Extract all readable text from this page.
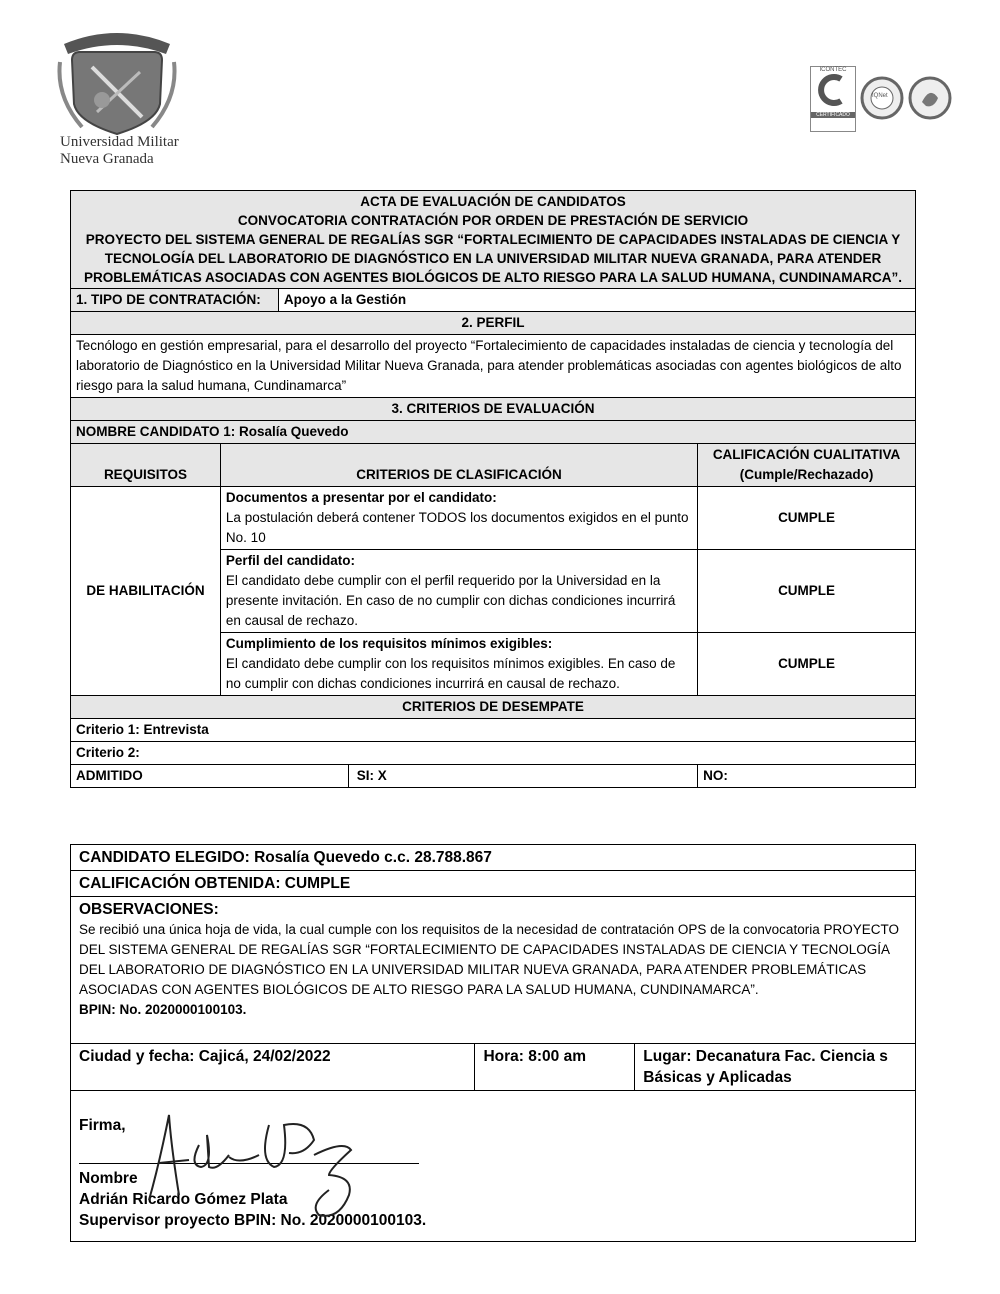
SCIENTIA PATRIAE FAMILIAE
Universidad Militar
Nueva Granada
ICONTEC
CERTIFICADO
IQNet
ACTA DE EVALUACIÓN DE CANDIDATOS
CONVOCATORIA CONTRATACIÓN POR ORDEN DE PRESTACIÓN DE SERVICIO
PROYECTO DEL SISTEMA GENERAL DE REGALÍAS SGR “FORTALECIMIENTO DE CAPACIDADES INSTALADAS DE CIENCIA Y
TECNOLOGÍA DEL LABORATORIO DE DIAGNÓSTICO EN LA UNIVERSIDAD MILITAR NUEVA GRANADA, PARA ATENDER
PROBLEMÁTICAS ASOCIADAS CON AGENTES BIOLÓGICOS DE ALTO RIESGO PARA LA SALUD HUMANA, CUNDINAMARCA”.				

1. TIPO DE CONTRATACIÓN:		Apoyo a la Gestión		
2. PERFIL				
Tecnólogo en gestión empresarial, para el desarrollo del proyecto “Fortalecimiento de capacidades instaladas de ciencia y tecnología del laboratorio de Diagnóstico en la Universidad Militar Nueva Granada, para atender problemáticas asociadas con agentes biológicos de alto riesgo para la salud humana, Cundinamarca”				
3. CRITERIOS DE EVALUACIÓN				
NOMBRE CANDIDATO 1: Rosalía Quevedo				
REQUISITOS	CRITERIOS DE CLASIFICACIÓN			CALIFICACIÓN CUALITATIVA
(Cumple/Rechazado)

DE HABILITACIÓN	Documentos a presentar por el candidato:
La postulación deberá contener TODOS los documentos exigidos en el punto No. 10			CUMPLE

	Perfil del candidato:
El candidato debe cumplir con el perfil requerido por la Universidad en la presente invitación. En caso de no cumplir con dichas condiciones incurrirá en causal de rechazo.			CUMPLE

	Cumplimiento de los requisitos mínimos exigibles:
El candidato debe cumplir con los requisitos mínimos exigibles. En caso de no cumplir con dichas condiciones incurrirá en causal de rechazo.			CUMPLE
CRITERIOS DE DESEMPATE				
Criterio 1: Entrevista				
Criterio 2:				
ADMITIDO			SI: X	NO:
CANDIDATO ELEGIDO: Rosalía Quevedo c.c. 28.788.867
CALIFICACIÓN OBTENIDA: CUMPLE

OBSERVACIONES:
Se recibió una única hoja de vida, la cual cumple con los requisitos de la necesidad de contratación OPS de la convocatoria PROYECTO DEL SISTEMA GENERAL DE REGALÍAS SGR “FORTALECIMIENTO DE CAPACIDADES INSTALADAS DE CIENCIA Y TECNOLOGÍA DEL LABORATORIO DE DIAGNÓSTICO EN LA UNIVERSIDAD MILITAR NUEVA GRANADA, PARA ATENDER PROBLEMÁTICAS ASOCIADAS CON AGENTES BIOLÓGICOS DE ALTO RIESGO PARA LA SALUD HUMANA, CUNDINAMARCA”.
BPIN: No. 2020000100103.

Ciudad y fecha: Cajicá, 24/02/2022	Hora: 8:00 am	Lugar: Decanatura Fac. Ciencia s Básicas y Aplicadas

Firma,
Nombre
Adrián Ricardo Gómez Plata
Supervisor proyecto BPIN: No. 2020000100103.
